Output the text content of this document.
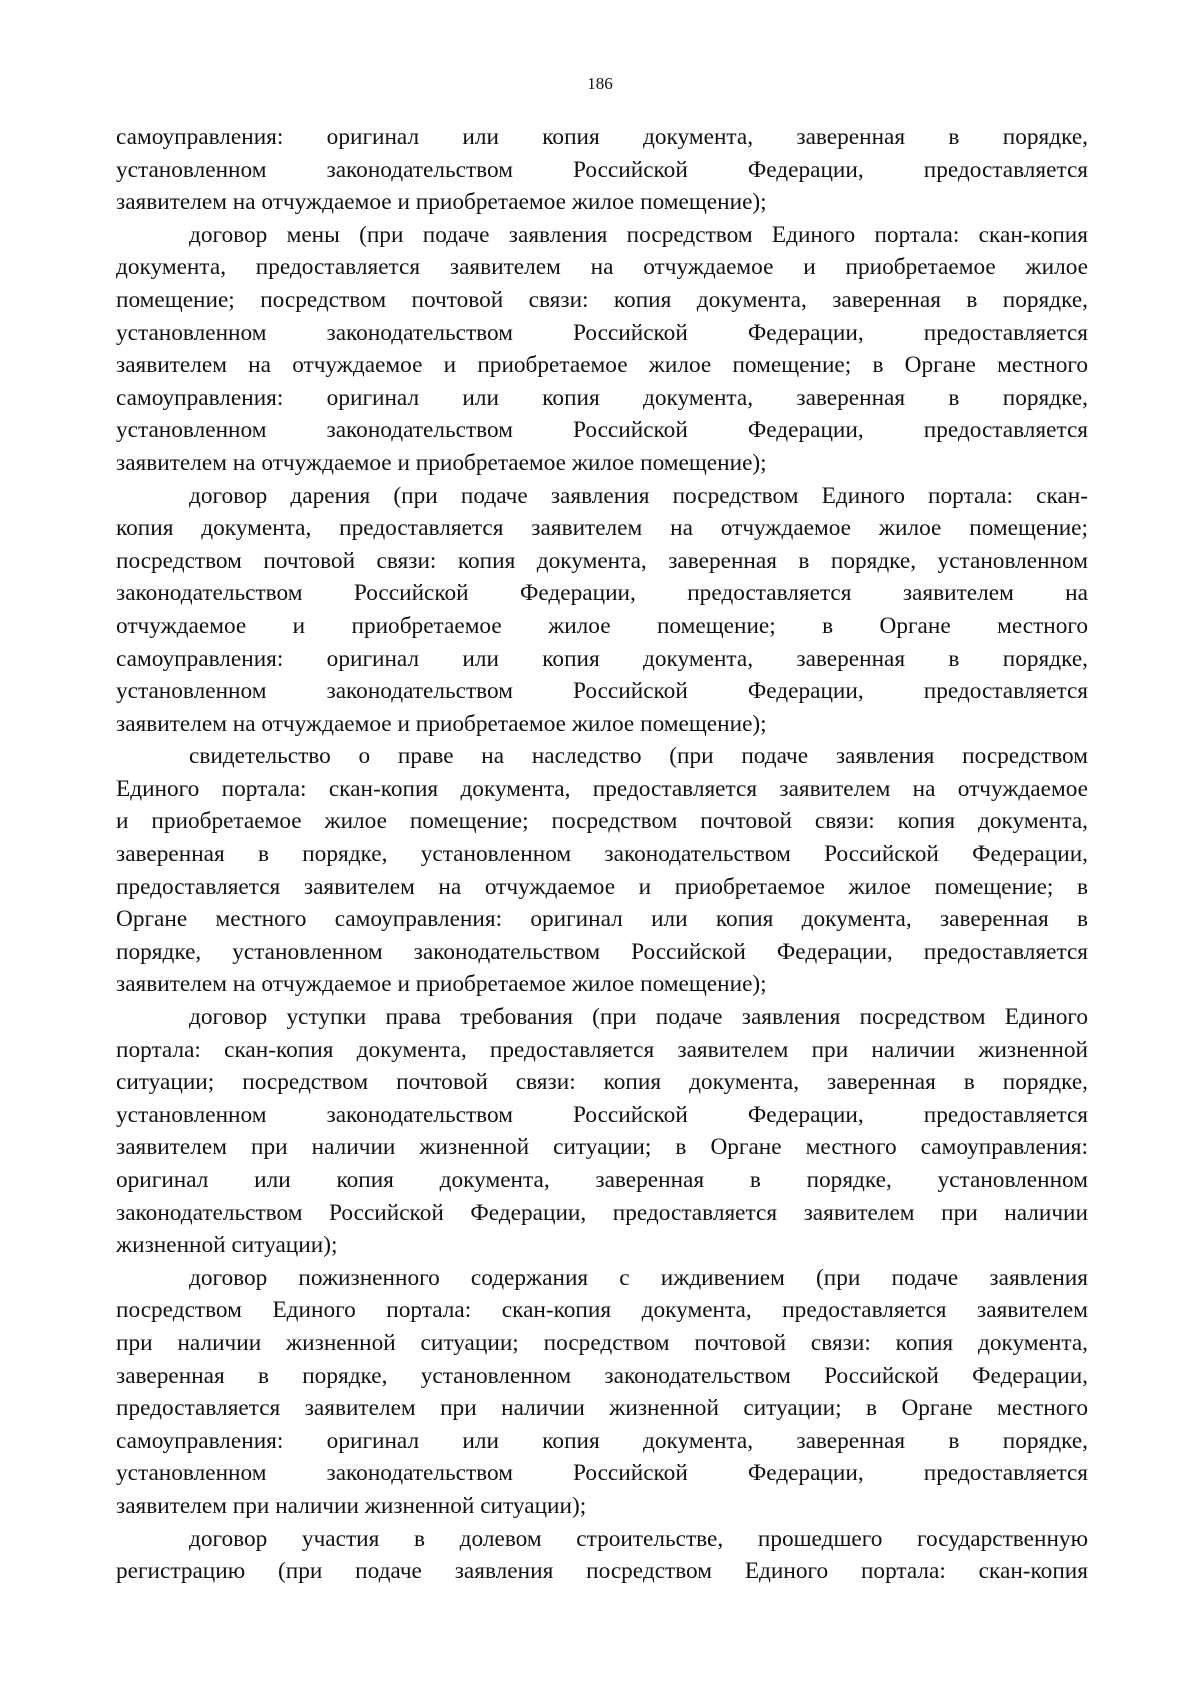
186
самоуправления: оригинал или копия документа, заверенная в порядке,
установленном законодательством Российской Федерации, предоставляется
заявителем на отчуждаемое и приобретаемое жилое помещение);
договор мены (при подаче заявления посредством Единого портала: скан-копия
документа, предоставляется заявителем на отчуждаемое и приобретаемое жилое
помещение; посредством почтовой связи: копия документа, заверенная в порядке,
установленном законодательством Российской Федерации, предоставляется
заявителем на отчуждаемое и приобретаемое жилое помещение; в Органе местного
самоуправления: оригинал или копия документа, заверенная в порядке,
установленном законодательством Российской Федерации, предоставляется
заявителем на отчуждаемое и приобретаемое жилое помещение);
договор дарения (при подаче заявления посредством Единого портала: скан-
копия документа, предоставляется заявителем на отчуждаемое жилое помещение;
посредством почтовой связи: копия документа, заверенная в порядке, установленном
законодательством Российской Федерации, предоставляется заявителем на
отчуждаемое и приобретаемое жилое помещение; в Органе местного
самоуправления: оригинал или копия документа, заверенная в порядке,
установленном законодательством Российской Федерации, предоставляется
заявителем на отчуждаемое и приобретаемое жилое помещение);
свидетельство о праве на наследство (при подаче заявления посредством
Единого портала: скан-копия документа, предоставляется заявителем на отчуждаемое
и приобретаемое жилое помещение; посредством почтовой связи: копия документа,
заверенная в порядке, установленном законодательством Российской Федерации,
предоставляется заявителем на отчуждаемое и приобретаемое жилое помещение; в
Органе местного самоуправления: оригинал или копия документа, заверенная в
порядке, установленном законодательством Российской Федерации, предоставляется
заявителем на отчуждаемое и приобретаемое жилое помещение);
договор уступки права требования (при подаче заявления посредством Единого
портала: скан-копия документа, предоставляется заявителем при наличии жизненной
ситуации; посредством почтовой связи: копия документа, заверенная в порядке,
установленном законодательством Российской Федерации, предоставляется
заявителем при наличии жизненной ситуации; в Органе местного самоуправления:
оригинал или копия документа, заверенная в порядке, установленном
законодательством Российской Федерации, предоставляется заявителем при наличии
жизненной ситуации);
договор пожизненного содержания с иждивением (при подаче заявления
посредством Единого портала: скан-копия документа, предоставляется заявителем
при наличии жизненной ситуации; посредством почтовой связи: копия документа,
заверенная в порядке, установленном законодательством Российской Федерации,
предоставляется заявителем при наличии жизненной ситуации; в Органе местного
самоуправления: оригинал или копия документа, заверенная в порядке,
установленном законодательством Российской Федерации, предоставляется
заявителем при наличии жизненной ситуации);
договор участия в долевом строительстве, прошедшего государственную
регистрацию (при подаче заявления посредством Единого портала: скан-копия
